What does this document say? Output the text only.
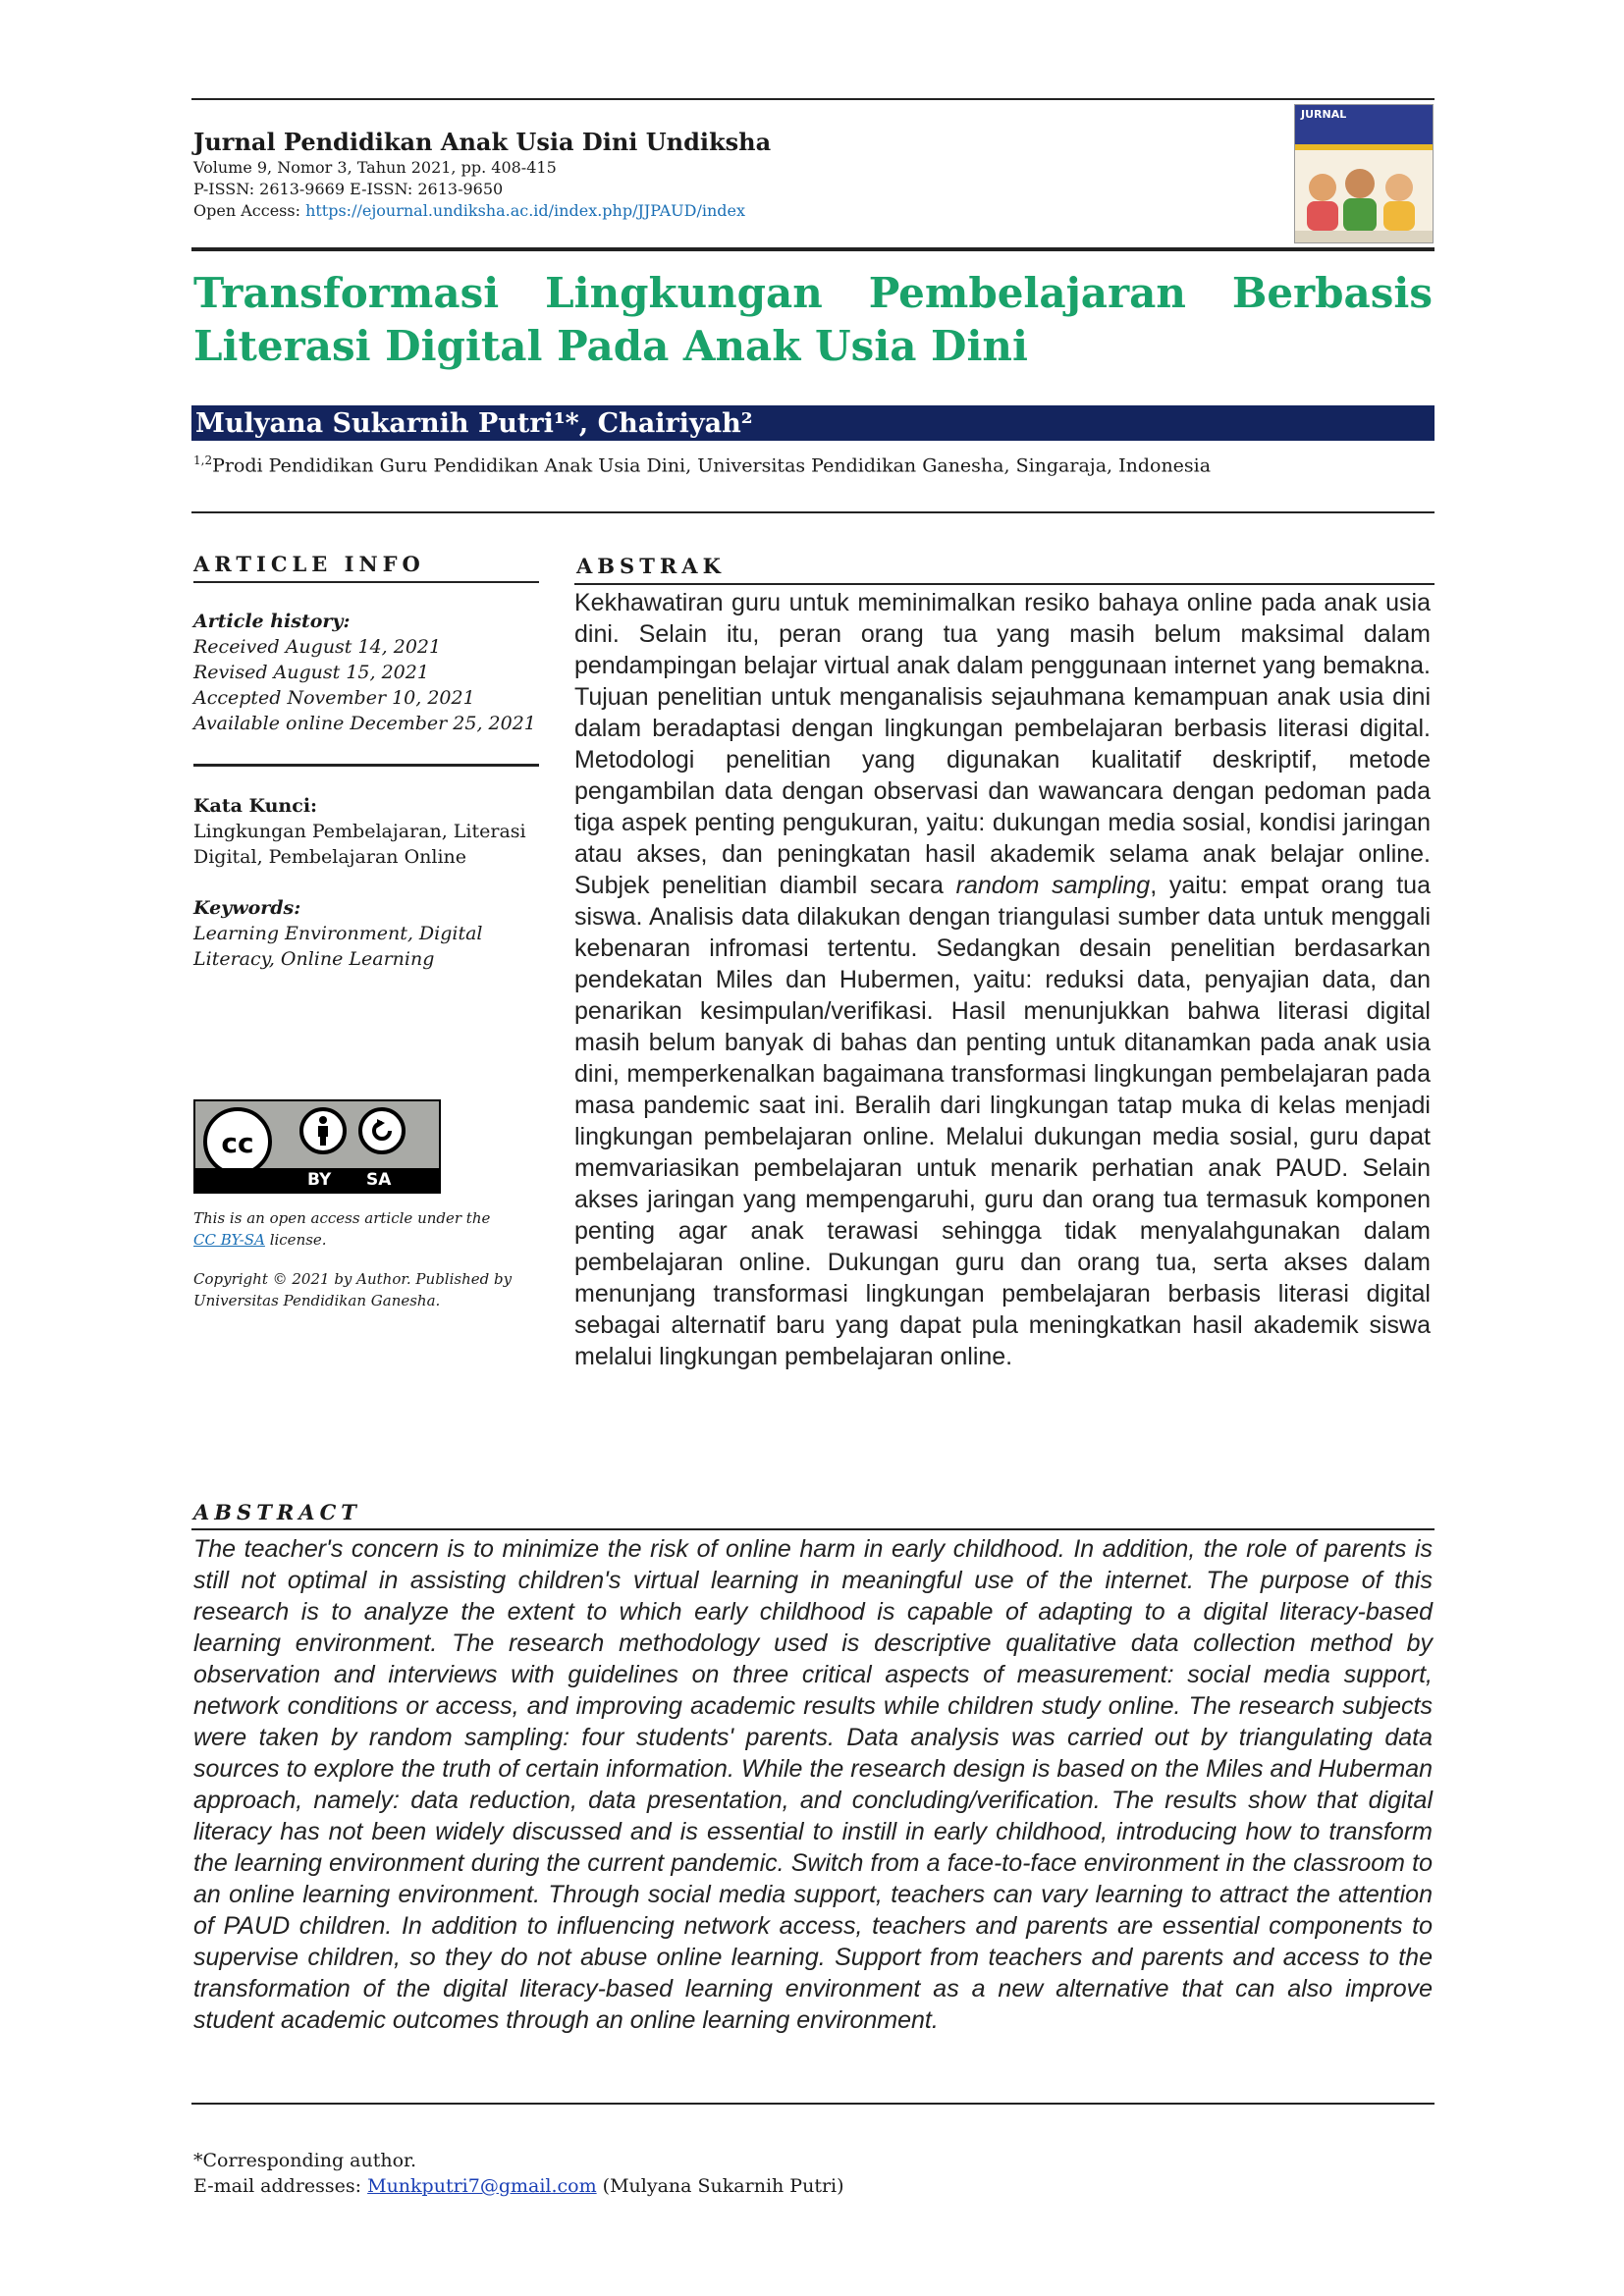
Jurnal Pendidikan Anak Usia Dini Undiksha
Volume 9, Nomor 3, Tahun 2021, pp. 408-415
P-ISSN: 2613-9669 E-ISSN: 2613-9650
Open Access: https://ejournal.undiksha.ac.id/index.php/JJPAUD/index
JURNAL
Transformasi Lingkungan Pembelajaran Berbasis Literasi Digital Pada Anak Usia Dini
Mulyana Sukarnih Putri¹*, Chairiyah²
$^{1,2}$Prodi Pendidikan Guru Pendidikan Anak Usia Dini, Universitas Pendidikan Ganesha, Singaraja, Indonesia
ARTICLE INFO
Article history:
Received August 14, 2021
Revised August 15, 2021
Accepted November 10, 2021
Available online December 25, 2021
Kata Kunci:
Lingkungan Pembelajaran, Literasi Digital, Pembelajaran Online
Keywords:
Learning Environment, Digital Literacy, Online Learning
cc
BY SA
This is an open access article under the
CC BY-SA license.
Copyright © 2021 by Author. Published by Universitas Pendidikan Ganesha.
ABSTRAK
Kekhawatiran guru untuk meminimalkan resiko bahaya online pada anak usia dini. Selain itu, peran orang tua yang masih belum maksimal dalam pendampingan belajar virtual anak dalam penggunaan internet yang bemakna. Tujuan penelitian untuk menganalisis sejauhmana kemampuan anak usia dini dalam beradaptasi dengan lingkungan pembelajaran berbasis literasi digital. Metodologi penelitian yang digunakan kualitatif deskriptif, metode pengambilan data dengan observasi dan wawancara dengan pedoman pada tiga aspek penting pengukuran, yaitu: dukungan media sosial, kondisi jaringan atau akses, dan peningkatan hasil akademik selama anak belajar online. Subjek penelitian diambil secara random sampling, yaitu: empat orang tua siswa. Analisis data dilakukan dengan triangulasi sumber data untuk menggali kebenaran infromasi tertentu. Sedangkan desain penelitian berdasarkan pendekatan Miles dan Hubermen, yaitu: reduksi data, penyajian data, dan penarikan kesimpulan/verifikasi. Hasil menunjukkan bahwa literasi digital masih belum banyak di bahas dan penting untuk ditanamkan pada anak usia dini, memperkenalkan bagaimana transformasi lingkungan pembelajaran pada masa pandemic saat ini. Beralih dari lingkungan tatap muka di kelas menjadi lingkungan pembelajaran online. Melalui dukungan media sosial, guru dapat memvariasikan pembelajaran untuk menarik perhatian anak PAUD. Selain akses jaringan yang mempengaruhi, guru dan orang tua termasuk komponen penting agar anak terawasi sehingga tidak menyalahgunakan dalam pembelajaran online. Dukungan guru dan orang tua, serta akses dalam menunjang transformasi lingkungan pembelajaran berbasis literasi digital sebagai alternatif baru yang dapat pula meningkatkan hasil akademik siswa melalui lingkungan pembelajaran online.
ABSTRACT
The teacher's concern is to minimize the risk of online harm in early childhood. In addition, the role of parents is still not optimal in assisting children's virtual learning in meaningful use of the internet. The purpose of this research is to analyze the extent to which early childhood is capable of adapting to a digital literacy-based learning environment. The research methodology used is descriptive qualitative data collection method by observation and interviews with guidelines on three critical aspects of measurement: social media support, network conditions or access, and improving academic results while children study online. The research subjects were taken by random sampling: four students' parents. Data analysis was carried out by triangulating data sources to explore the truth of certain information. While the research design is based on the Miles and Huberman approach, namely: data reduction, data presentation, and concluding/verification. The results show that digital literacy has not been widely discussed and is essential to instill in early childhood, introducing how to transform the learning environment during the current pandemic. Switch from a face-to-face environment in the classroom to an online learning environment. Through social media support, teachers can vary learning to attract the attention of PAUD children. In addition to influencing network access, teachers and parents are essential components to supervise children, so they do not abuse online learning. Support from teachers and parents and access to the transformation of the digital literacy-based learning environment as a new alternative that can also improve student academic outcomes through an online learning environment.
*Corresponding author.
E-mail addresses: Munkputri7@gmail.com (Mulyana Sukarnih Putri)
